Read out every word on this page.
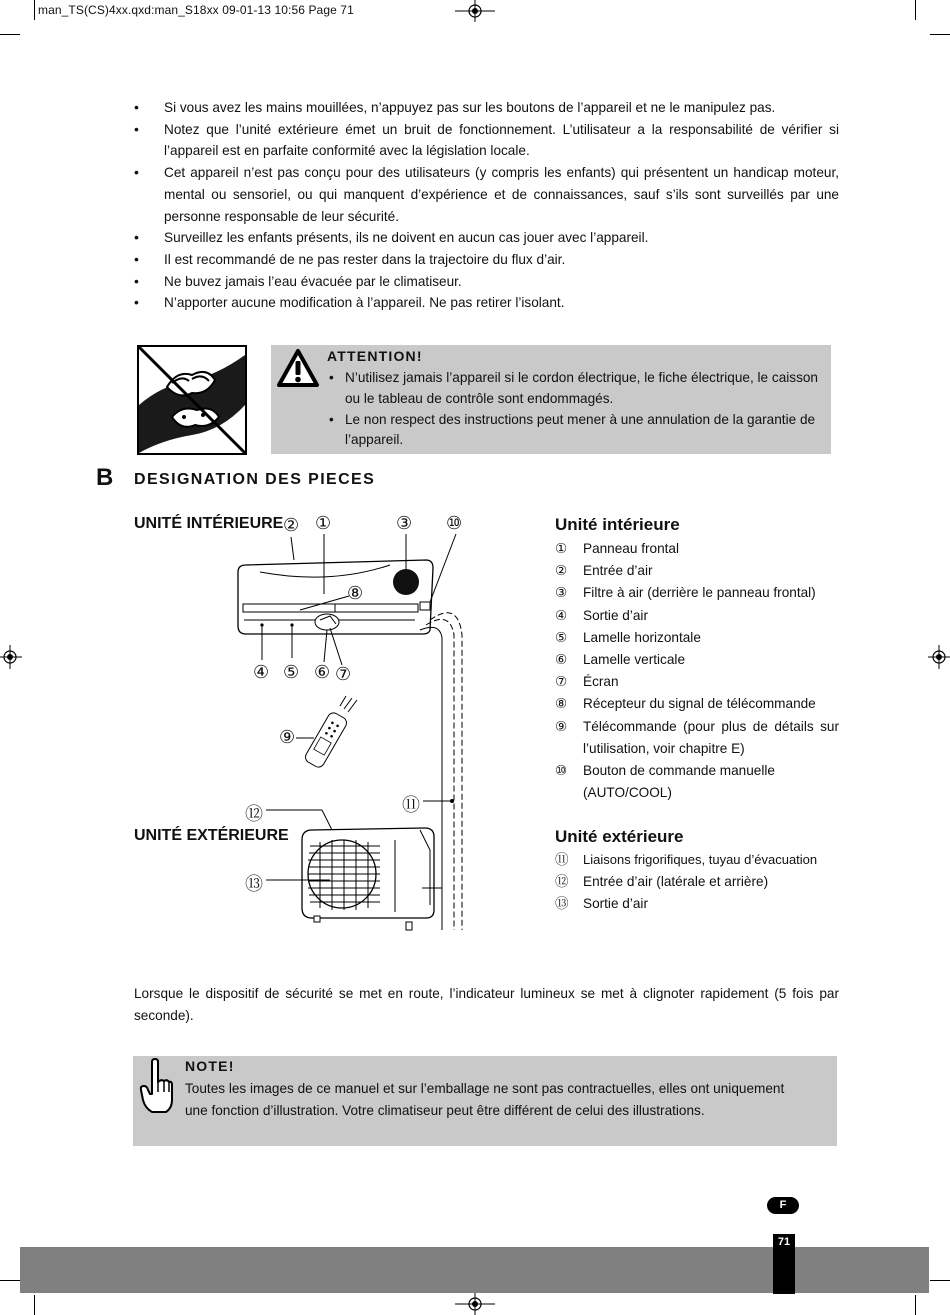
man_TS(CS)4xx.qxd:man_S18xx 09-01-13 10:56 Page 71
• Si vous avez les mains mouillées, n’appuyez pas sur les boutons de l’appareil et ne le manipulez pas.
• Notez que l’unité extérieure émet un bruit de fonctionnement. L’utilisateur a la responsabilité de vérifier si l’appareil est en parfaite conformité avec la législation locale.
• Cet appareil n’est pas conçu pour des utilisateurs (y compris les enfants) qui présentent un handicap moteur, mental ou sensoriel, ou qui manquent d’expérience et de connaissances, sauf s’ils sont surveillés par une personne responsable de leur sécurité.
• Surveillez les enfants présents, ils ne doivent en aucun cas jouer avec l’appareil.
• Il est recommandé de ne pas rester dans la trajectoire du flux d’air.
• Ne buvez jamais l’eau évacuée par le climatiseur.
• N’apporter aucune modification à l’appareil. Ne pas retirer l’isolant.
ATTENTION!
• N’utilisez jamais l’appareil si le cordon électrique, le fiche électrique, le caisson ou le tableau de contrôle sont endommagés.
• Le non respect des instructions peut mener à une annulation de la garantie de l’appareil.
B DESIGNATION DES PIECES
UNITÉ INTÉRIEURE
UNITÉ EXTÉRIEURE
② ①	③ ⑩
⑧
④ ⑤ ⑥ ⑦
⑨
⑪
⑫
⑬
Unité intérieure
① Panneau frontal
② Entrée d’air
③ Filtre à air (derrière le panneau frontal)
④ Sortie d’air
⑤ Lamelle horizontale
⑥ Lamelle verticale
⑦ Écran
⑧ Récepteur du signal de télécommande
⑨ Télécommande (pour plus de détails sur l’utilisation, voir chapitre E)
⑩ Bouton de commande manuelle (AUTO/COOL)
Unité extérieure
⑪ Liaisons frigorifiques, tuyau d’évacuation
⑫ Entrée d’air (latérale et arrière)
⑬ Sortie d’air
Lorsque le dispositif de sécurité se met en route, l’indicateur lumineux se met à clignoter rapidement (5 fois par seconde).
NOTE!
Toutes les images de ce manuel et sur l’emballage ne sont pas contractuelles, elles ont uniquement une fonction d’illustration. Votre climatiseur peut être différent de celui des illustrations.
F
71
